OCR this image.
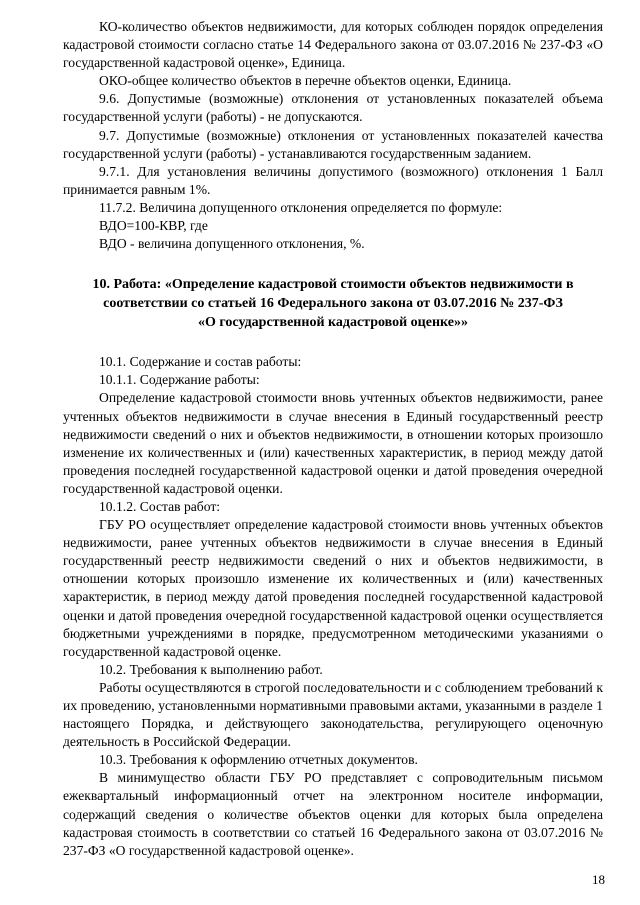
КО-количество объектов недвижимости, для которых соблюден порядок определения кадастровой стоимости согласно статье 14 Федерального закона от 03.07.2016 № 237-ФЗ «О государственной кадастровой оценке», Единица.

ОКО-общее количество объектов в перечне объектов оценки, Единица.

9.6. Допустимые (возможные) отклонения от установленных показателей объема государственной услуги (работы) - не допускаются.

9.7. Допустимые (возможные) отклонения от установленных показателей качества государственной услуги (работы) - устанавливаются государственным заданием.

9.7.1. Для установления величины допустимого (возможного) отклонения 1 Балл принимается равным 1%.

11.7.2. Величина допущенного отклонения определяется по формуле:

ВДО=100-КВР, где

ВДО - величина допущенного отклонения, %.

10. Работа: «Определение кадастровой стоимости объектов недвижимости в
соответствии со статьей 16 Федерального закона от 03.07.2016 № 237-ФЗ
«О государственной кадастровой оценке»»

10.1. Содержание и состав работы:

10.1.1. Содержание работы:

Определение кадастровой стоимости вновь учтенных объектов недвижимости, ранее учтенных объектов недвижимости в случае внесения в Единый государственный реестр недвижимости сведений о них и объектов недвижимости, в отношении которых произошло изменение их количественных и (или) качественных характеристик, в период между датой проведения последней государственной кадастровой оценки и датой проведения очередной государственной кадастровой оценки.

10.1.2. Состав работ:

ГБУ РО осуществляет определение кадастровой стоимости вновь учтенных объектов недвижимости, ранее учтенных объектов недвижимости в случае внесения в Единый государственный реестр недвижимости сведений о них и объектов недвижимости, в отношении которых произошло изменение их количественных и (или) качественных характеристик, в период между датой проведения последней государственной кадастровой оценки и датой проведения очередной государственной кадастровой оценки осуществляется бюджетными учреждениями в порядке, предусмотренном методическими указаниями о государственной кадастровой оценке.

10.2. Требования к выполнению работ.

Работы осуществляются в строгой последовательности и с соблюдением требований к их проведению, установленными нормативными правовыми актами, указанными в разделе 1 настоящего Порядка, и действующего законодательства, регулирующего оценочную деятельность в Российской Федерации.

10.3. Требования к оформлению отчетных документов.

В минимущество области ГБУ РО представляет с сопроводительным письмом ежеквартальный информационный отчет на электронном носителе информации, содержащий сведения о количестве объектов оценки для которых была определена кадастровая стоимость в соответствии со статьей 16 Федерального закона от 03.07.2016 № 237-ФЗ «О государственной кадастровой оценке».

18
